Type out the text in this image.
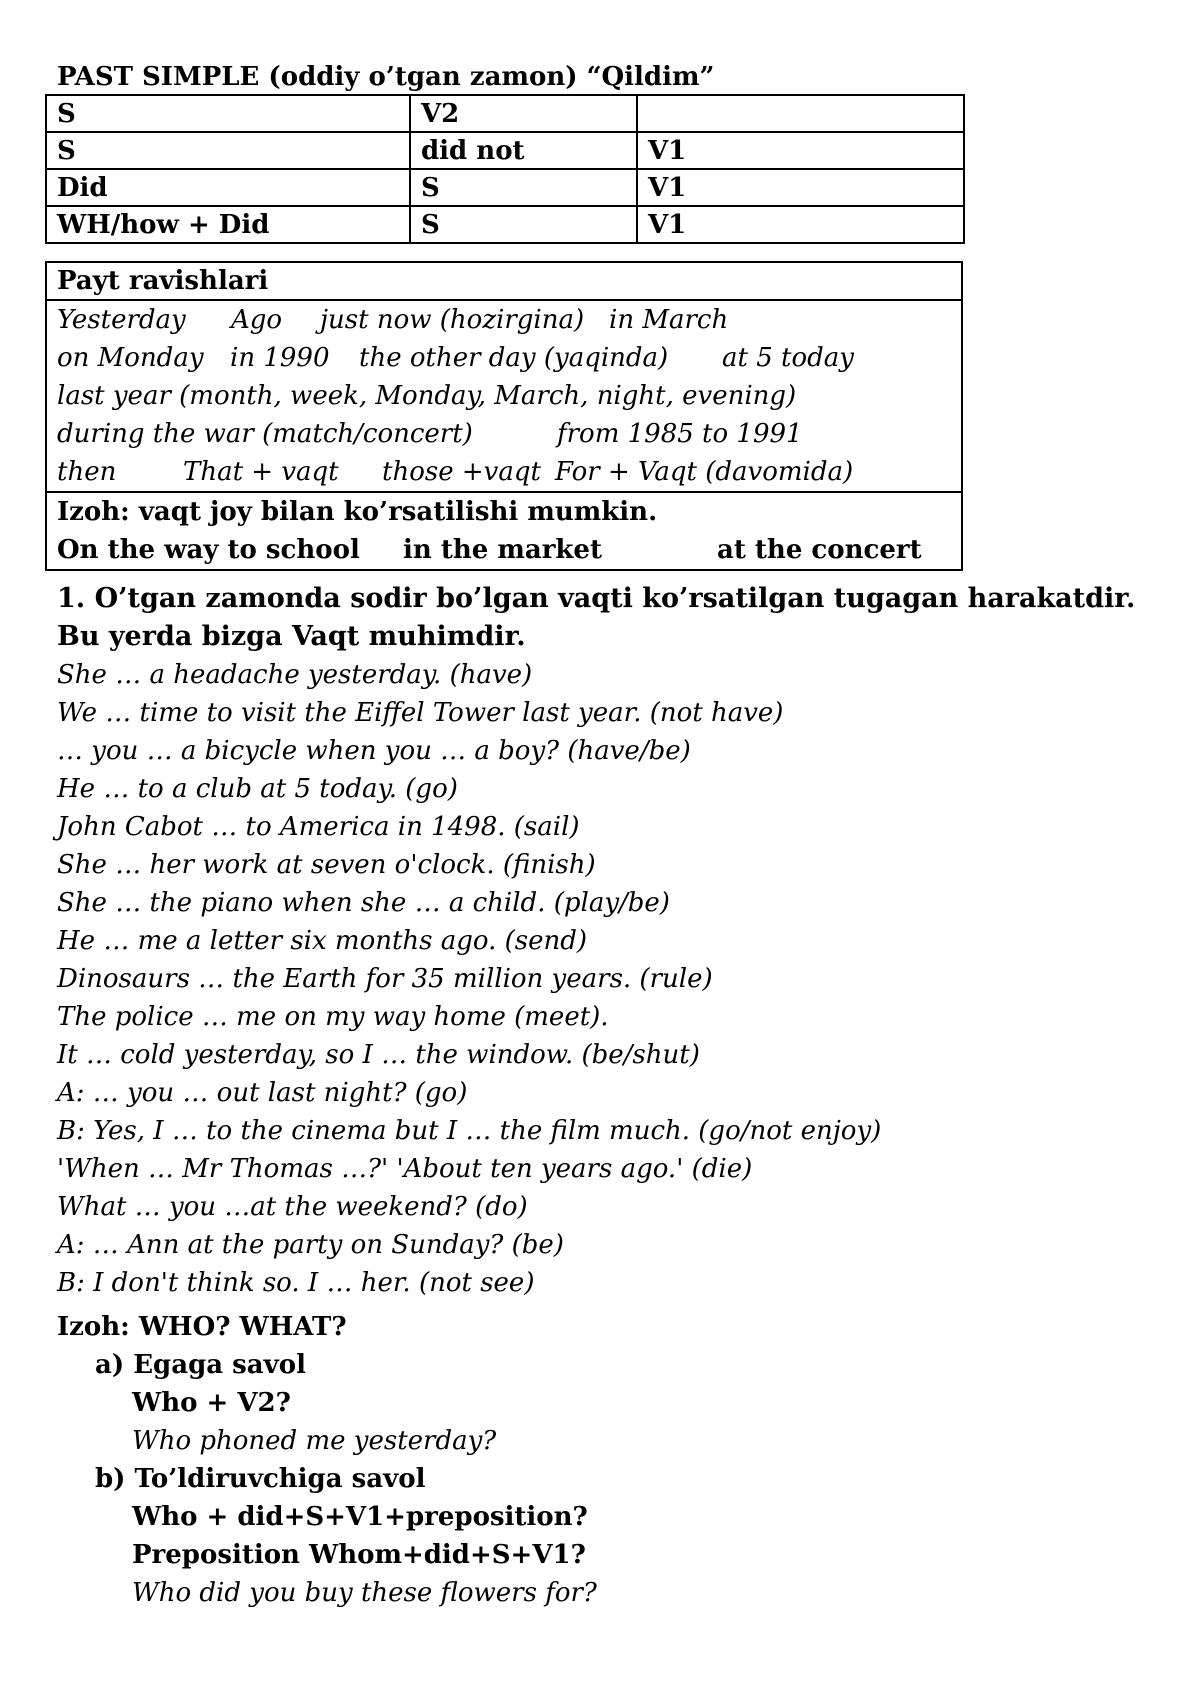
PAST SIMPLE (oddiy o’tgan zamon) “Qildim”
S	V2	
S	did not	V1
Did	S	V1
WH/how + Did	S	V1
Payt ravishlari
Yesterday Ago just now (hozirgina) in March
on Monday in 1990 the other day (yaqinda) at 5 today
last year (month, week, Monday, March, night, evening)
during the war (match/concert)	from 1985 to 1991
then	That + vaqt those +vaqt For + Vaqt (davomida)
Izoh: vaqt joy bilan ko’rsatilishi mumkin.
On the way to school in the market	at the concert
1. O’tgan zamonda sodir bo’lgan vaqti ko’rsatilgan tugagan harakatdir. Bu yerda bizga Vaqt muhimdir.
She … a headache yesterday. (have)
We … time to visit the Eiffel Tower last year. (not have)
… you … a bicycle when you … a boy? (have/be)
He … to a club at 5 today. (go)
John Cabot … to America in 1498. (sail)
She … her work at seven o'clock. (finish)
She … the piano when she … a child. (play/be)
He … me a letter six months ago. (send)
Dinosaurs … the Earth for 35 million years. (rule)
The police … me on my way home (meet).
It … cold yesterday, so I … the window. (be/shut)
A: … you … out last night? (go)
B: Yes, I … to the cinema but I … the film much. (go/not enjoy)
'When … Mr Thomas …?' 'About ten years ago.' (die)
What … you …at the weekend? (do)
A: … Ann at the party on Sunday? (be)
B: I don't think so. I … her. (not see)
Izoh: WHO? WHAT?
a) Egaga savol
Who + V2?
Who phoned me yesterday?
b) To’ldiruvchiga savol
Who + did+S+V1+preposition?
Preposition Whom+did+S+V1?
Who did you buy these flowers for?
